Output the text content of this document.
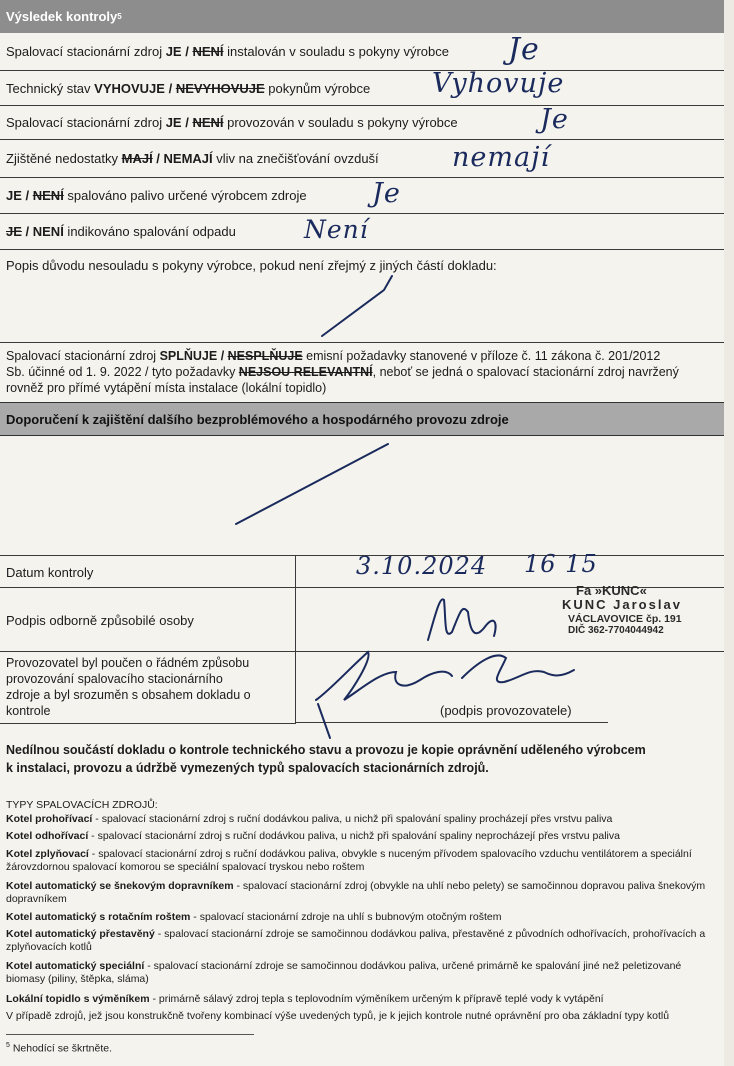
Výsledek kontroly 5
Spalovací stacionární zdroj JE / NENÍ instalován v souladu s pokyny výrobce Je
Technický stav VYHOVUJE / NEVYHOVUJE pokynům výrobce Vyhovuje
Spalovací stacionární zdroj JE / NENÍ provozován v souladu s pokyny výrobce	Je
Zjištěné nedostatky MAJÍ / NEMAJÍ vliv na znečišťování ovzduší	nemají
JE / NENÍ spalováno palivo určené výrobcem zdroje Je
JE / NENÍ indikováno spalování odpadu	Není
Popis důvodu nesouladu s pokyny výrobce, pokud není zřejmý z jiných částí dokladu:
Spalovací stacionární zdroj SPLŇUJE / NESPLŇUJE emisní požadavky stanovené v příloze č. 11 zákona č. 201/2012
Sb. účinné od 1. 9. 2022 / tyto požadavky NEJSOU RELEVANTNÍ, neboť se jedná o spalovací stacionární zdroj navržený
rovněž pro přímé vytápění místa instalace (lokální topidlo)
Doporučení k zajištění dalšího bezproblémového a hospodárného provozu zdroje
Datum kontroly	3.10.2024 16 15
Podpis odborně způsobilé osoby
Fa »KUNC«
KUNC Jaroslav
VÁCLAVOVICE čp. 191
DIČ 362-7704044942
Provozovatel byl poučen o řádném způsobu
provozování spalovacího stacionárního
zdroje a byl srozuměn s obsahem dokladu o
kontrole	(podpis provozovatele)
Nedílnou součástí dokladu o kontrole technického stavu a provozu je kopie oprávnění uděleného výrobcem
k instalaci, provozu a údržbě vymezených typů spalovacích stacionárních zdrojů.
TYPY SPALOVACÍCH ZDROJŮ:
Kotel prohořívací - spalovací stacionární zdroj s ruční dodávkou paliva, u nichž při spalování spaliny procházejí přes vrstvu paliva
Kotel odhořívací - spalovací stacionární zdroj s ruční dodávkou paliva, u nichž při spalování spaliny neprocházejí přes vrstvu paliva
Kotel zplyňovací - spalovací stacionární zdroj s ruční dodávkou paliva, obvykle s nuceným přívodem spalovacího vzduchu ventilátorem a speciální žárovzdornou spalovací komorou se speciální spalovací tryskou nebo roštem
Kotel automatický se šnekovým dopravníkem - spalovací stacionární zdroj (obvykle na uhlí nebo pelety) se samočinnou dopravou paliva šnekovým dopravníkem
Kotel automatický s rotačním roštem - spalovací stacionární zdroje na uhlí s bubnovým otočným roštem
Kotel automatický přestavěný - spalovací stacionární zdroje se samočinnou dodávkou paliva, přestavěné z původních odhořívacích, prohořívacích a zplyňovacích kotlů
Kotel automatický speciální - spalovací stacionární zdroje se samočinnou dodávkou paliva, určené primárně ke spalování jiné než peletizované biomasy (piliny, štěpka, sláma)
Lokální topidlo s výměníkem - primárně sálavý zdroj tepla s teplovodním výměníkem určeným k přípravě teplé vody k vytápění
V případě zdrojů, jež jsou konstrukčně tvořeny kombinací výše uvedených typů, je k jejich kontrole nutné oprávnění pro oba základní typy kotlů
$^5$ Nehodící se škrtněte.
